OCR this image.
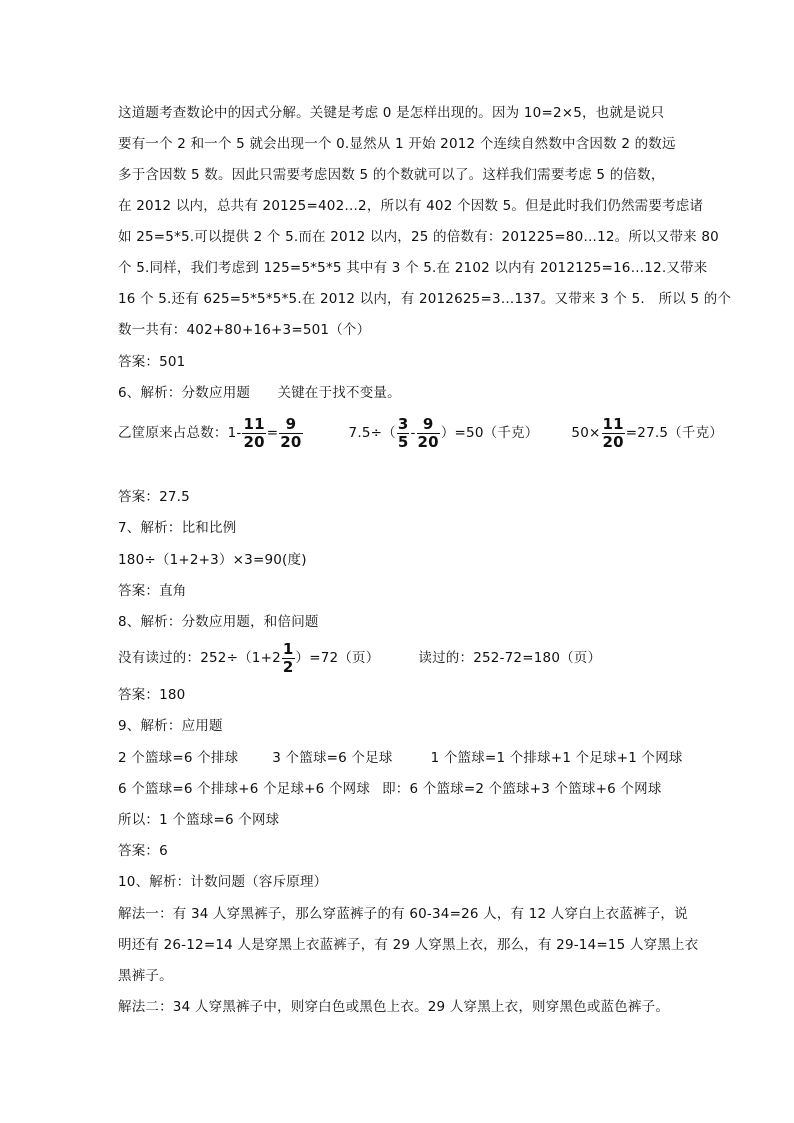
这道题考查数论中的因式分解。关键是考虑 0 是怎样出现的。因为 10=2×5，也就是说只
要有一个 2 和一个 5 就会出现一个 0.显然从 1 开始 2012 个连续自然数中含因数 2 的数远
多于含因数 5 数。因此只需要考虑因数 5 的个数就可以了。这样我们需要考虑 5 的倍数，
在 2012 以内，总共有 20125=402…2，所以有 402 个因数 5。但是此时我们仍然需要考虑诸
如 25=5*5.可以提供 2 个 5.而在 2012 以内，25 的倍数有：201225=80…12。所以又带来 80
个 5.同样，我们考虑到 125=5*5*5 其中有 3 个 5.在 2102 以内有 2012125=16…12.又带来
16 个 5.还有 625=5*5*5*5.在 2012 以内，有 2012625=3…137。又带来 3 个 5.　所以 5 的个
数一共有：402+80+16+3=501（个）
答案：501
6、解析：分数应用题　　关键在于找不变量。
乙筐原来占总数：$1- \frac{11}{20} = \frac{9}{20}$	$7.5\div( \frac{3}{5} - \frac{9}{20} )=50$（千克） $50\times \frac{11}{20} =27.5$（千克）
答案：27.5
7、解析：比和比例
180÷（1+2+3）×3=90(度)
答案：直角
8、解析：分数应用题，和倍问题
没有读过的：$252\div(1+2 \frac{1}{2} )=72$（页）	读过的：252-72=180（页）
答案：180
9、解析：应用题
2 个篮球=6 个排球	3 个篮球=6 个足球	1 个篮球=1 个排球+1 个足球+1 个网球
6 个篮球=6 个排球+6 个足球+6 个网球 即：6 个篮球=2 个篮球+3 个篮球+6 个网球
所以：1 个篮球=6 个网球
答案：6
10、解析：计数问题（容斥原理）
解法一：有 34 人穿黑裤子，那么穿蓝裤子的有 60-34=26 人，有 12 人穿白上衣蓝裤子，说
明还有 26-12=14 人是穿黑上衣蓝裤子，有 29 人穿黑上衣，那么，有 29-14=15 人穿黑上衣
黑裤子。
解法二：34 人穿黑裤子中，则穿白色或黑色上衣。29 人穿黑上衣，则穿黑色或蓝色裤子。
